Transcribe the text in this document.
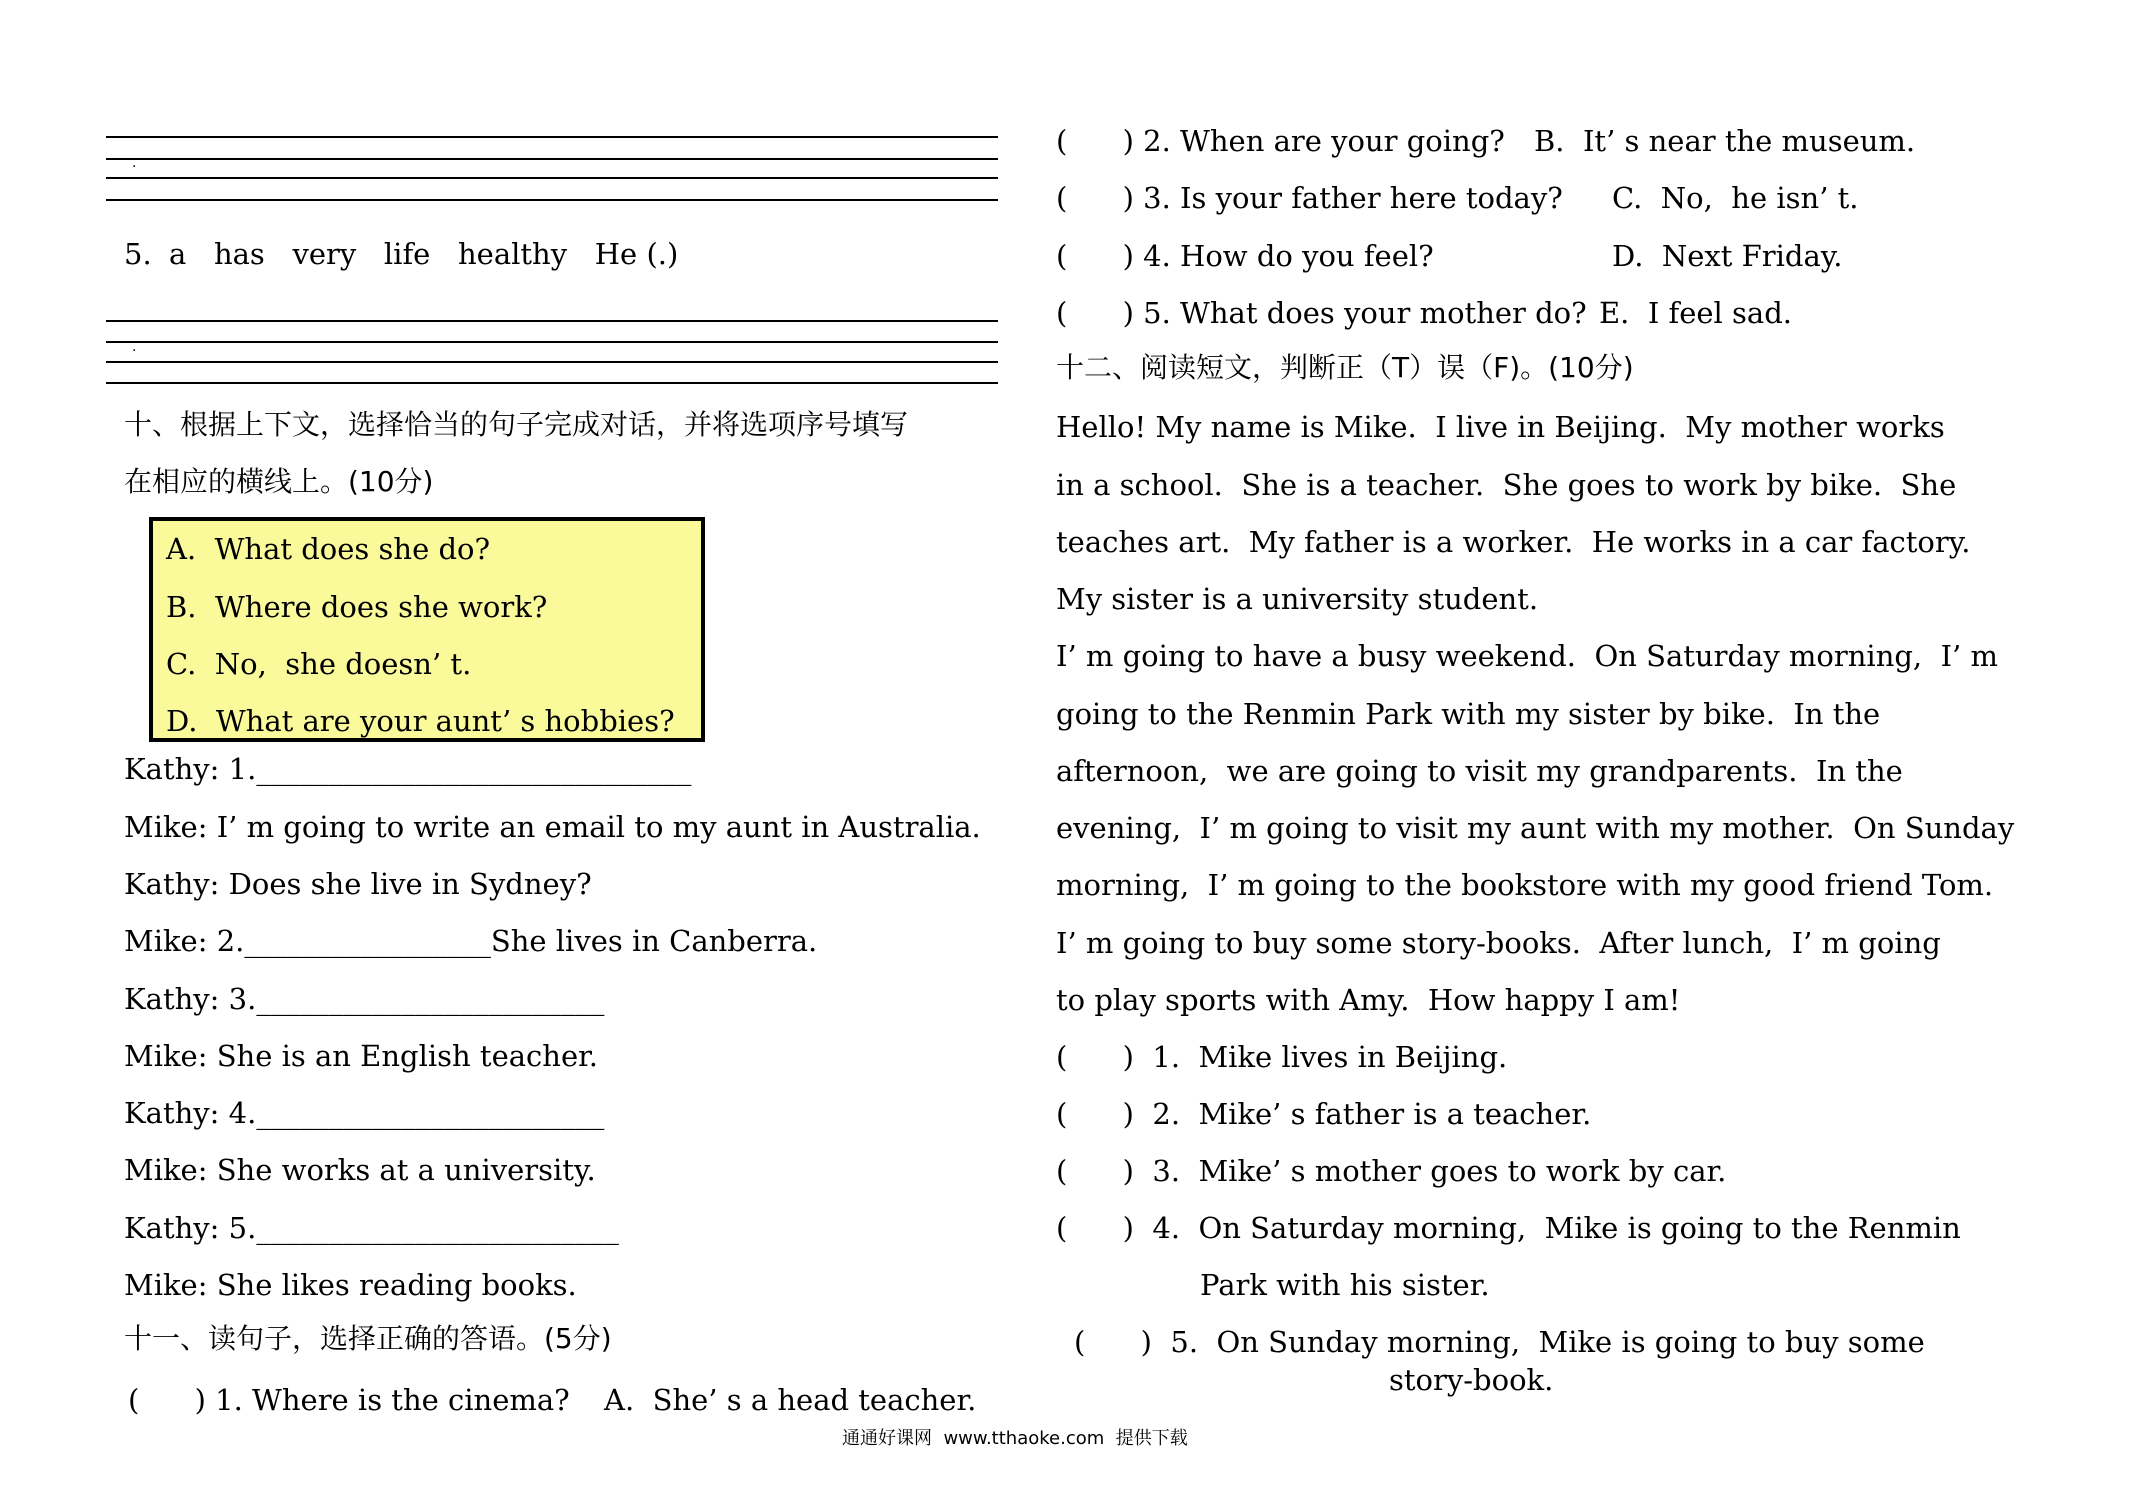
·
5. a   has   very   life   healthy   He (.)
·
十、根据上下文，选择恰当的句子完成对话，并将选项序号填写
在相应的横线上。(10分)
A.  What does she do?
B.  Where does she work?
C.  No,  she doesn’ t.
D.  What are your aunt’ s hobbies?
Kathy: 1.______________________________
Mike: I’ m going to write an email to my aunt in Australia.
Kathy: Does she live in Sydney?
Mike: 2._________________She lives in Canberra.
Kathy: 3.________________________
Mike: She is an English teacher.
Kathy: 4.________________________
Mike: She works at a university.
Kathy: 5._________________________
Mike: She likes reading books.
十一、读句子，选择正确的答语。(5分)
(      ) 1. Where is the cinema? A.  She’ s a head teacher.
(      ) 2. When are your going? B.  It’ s near the museum.
(      ) 3. Is your father here today? C.  No,  he isn’ t.
(      ) 4. How do you feel?	D.  Next Friday.
(      ) 5. What does your mother do? E.  I feel sad.
十二、阅读短文，判断正（T）误（F)。(10分)
Hello! My name is Mike.  I live in Beijing.  My mother works
in a school.  She is a teacher.  She goes to work by bike.  She
teaches art.  My father is a worker.  He works in a car factory.
My sister is a university student.
I’ m going to have a busy weekend.  On Saturday morning,  I’ m
going to the Renmin Park with my sister by bike.  In the
afternoon,  we are going to visit my grandparents.  In the
evening,  I’ m going to visit my aunt with my mother.  On Sunday
morning,  I’ m going to the bookstore with my good friend Tom.
I’ m going to buy some story-books.  After lunch,  I’ m going
to play sports with Amy.  How happy I am!
(      )  1.  Mike lives in Beijing.
(      )  2.  Mike’ s father is a teacher.
(      )  3.  Mike’ s mother goes to work by car.
(      )  4.  On Saturday morning,  Mike is going to the Renmin
Park with his sister.
(      )  5.  On Sunday morning,  Mike is going to buy some
story-book.
通通好课网  www.tthaoke.com  提供下载
